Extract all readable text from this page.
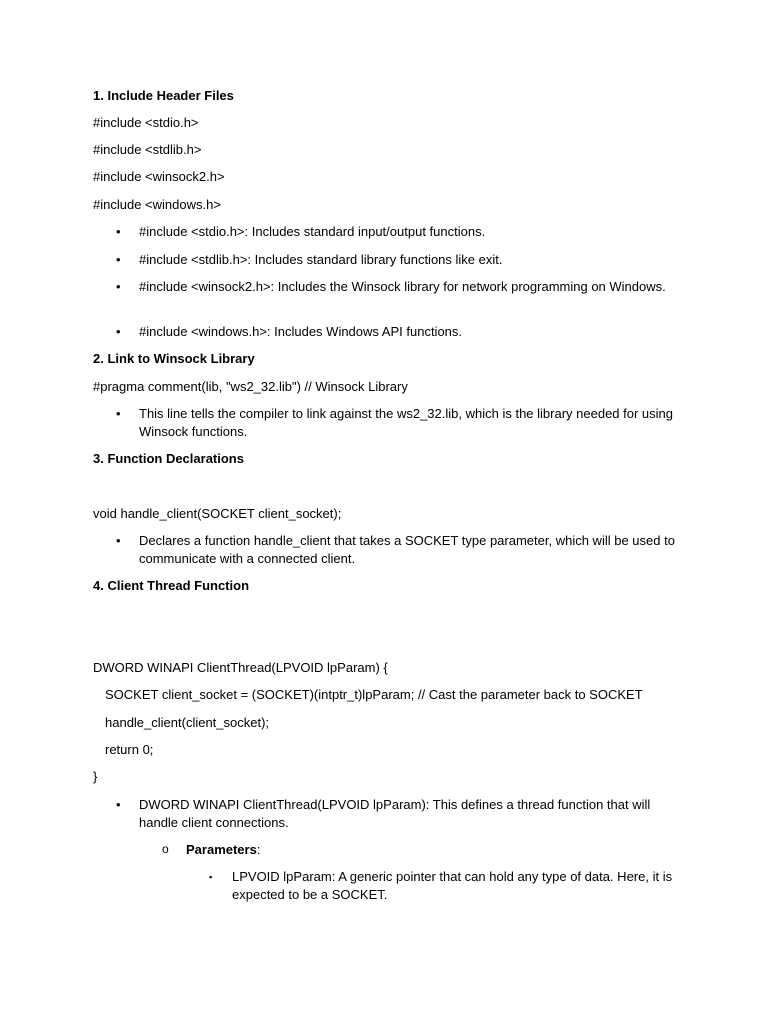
1. Include Header Files
#include <stdio.h>
#include <stdlib.h>
#include <winsock2.h>
#include <windows.h>
• #include <stdio.h>: Includes standard input/output functions.
• #include <stdlib.h>: Includes standard library functions like exit.
• #include <winsock2.h>: Includes the Winsock library for network programming on Windows.
• #include <windows.h>: Includes Windows API functions.
2. Link to Winsock Library
#pragma comment(lib, "ws2_32.lib") // Winsock Library
• This line tells the compiler to link against the ws2_32.lib, which is the library needed for using Winsock functions.
3. Function Declarations
void handle_client(SOCKET client_socket);
• Declares a function handle_client that takes a SOCKET type parameter, which will be used to communicate with a connected client.
4. Client Thread Function
DWORD WINAPI ClientThread(LPVOID lpParam) {
SOCKET client_socket = (SOCKET)(intptr_t)lpParam; // Cast the parameter back to SOCKET
handle_client(client_socket);
return 0;
}
• DWORD WINAPI ClientThread(LPVOID lpParam): This defines a thread function that will handle client connections.
o Parameters:
▪ LPVOID lpParam: A generic pointer that can hold any type of data. Here, it is expected to be a SOCKET.
